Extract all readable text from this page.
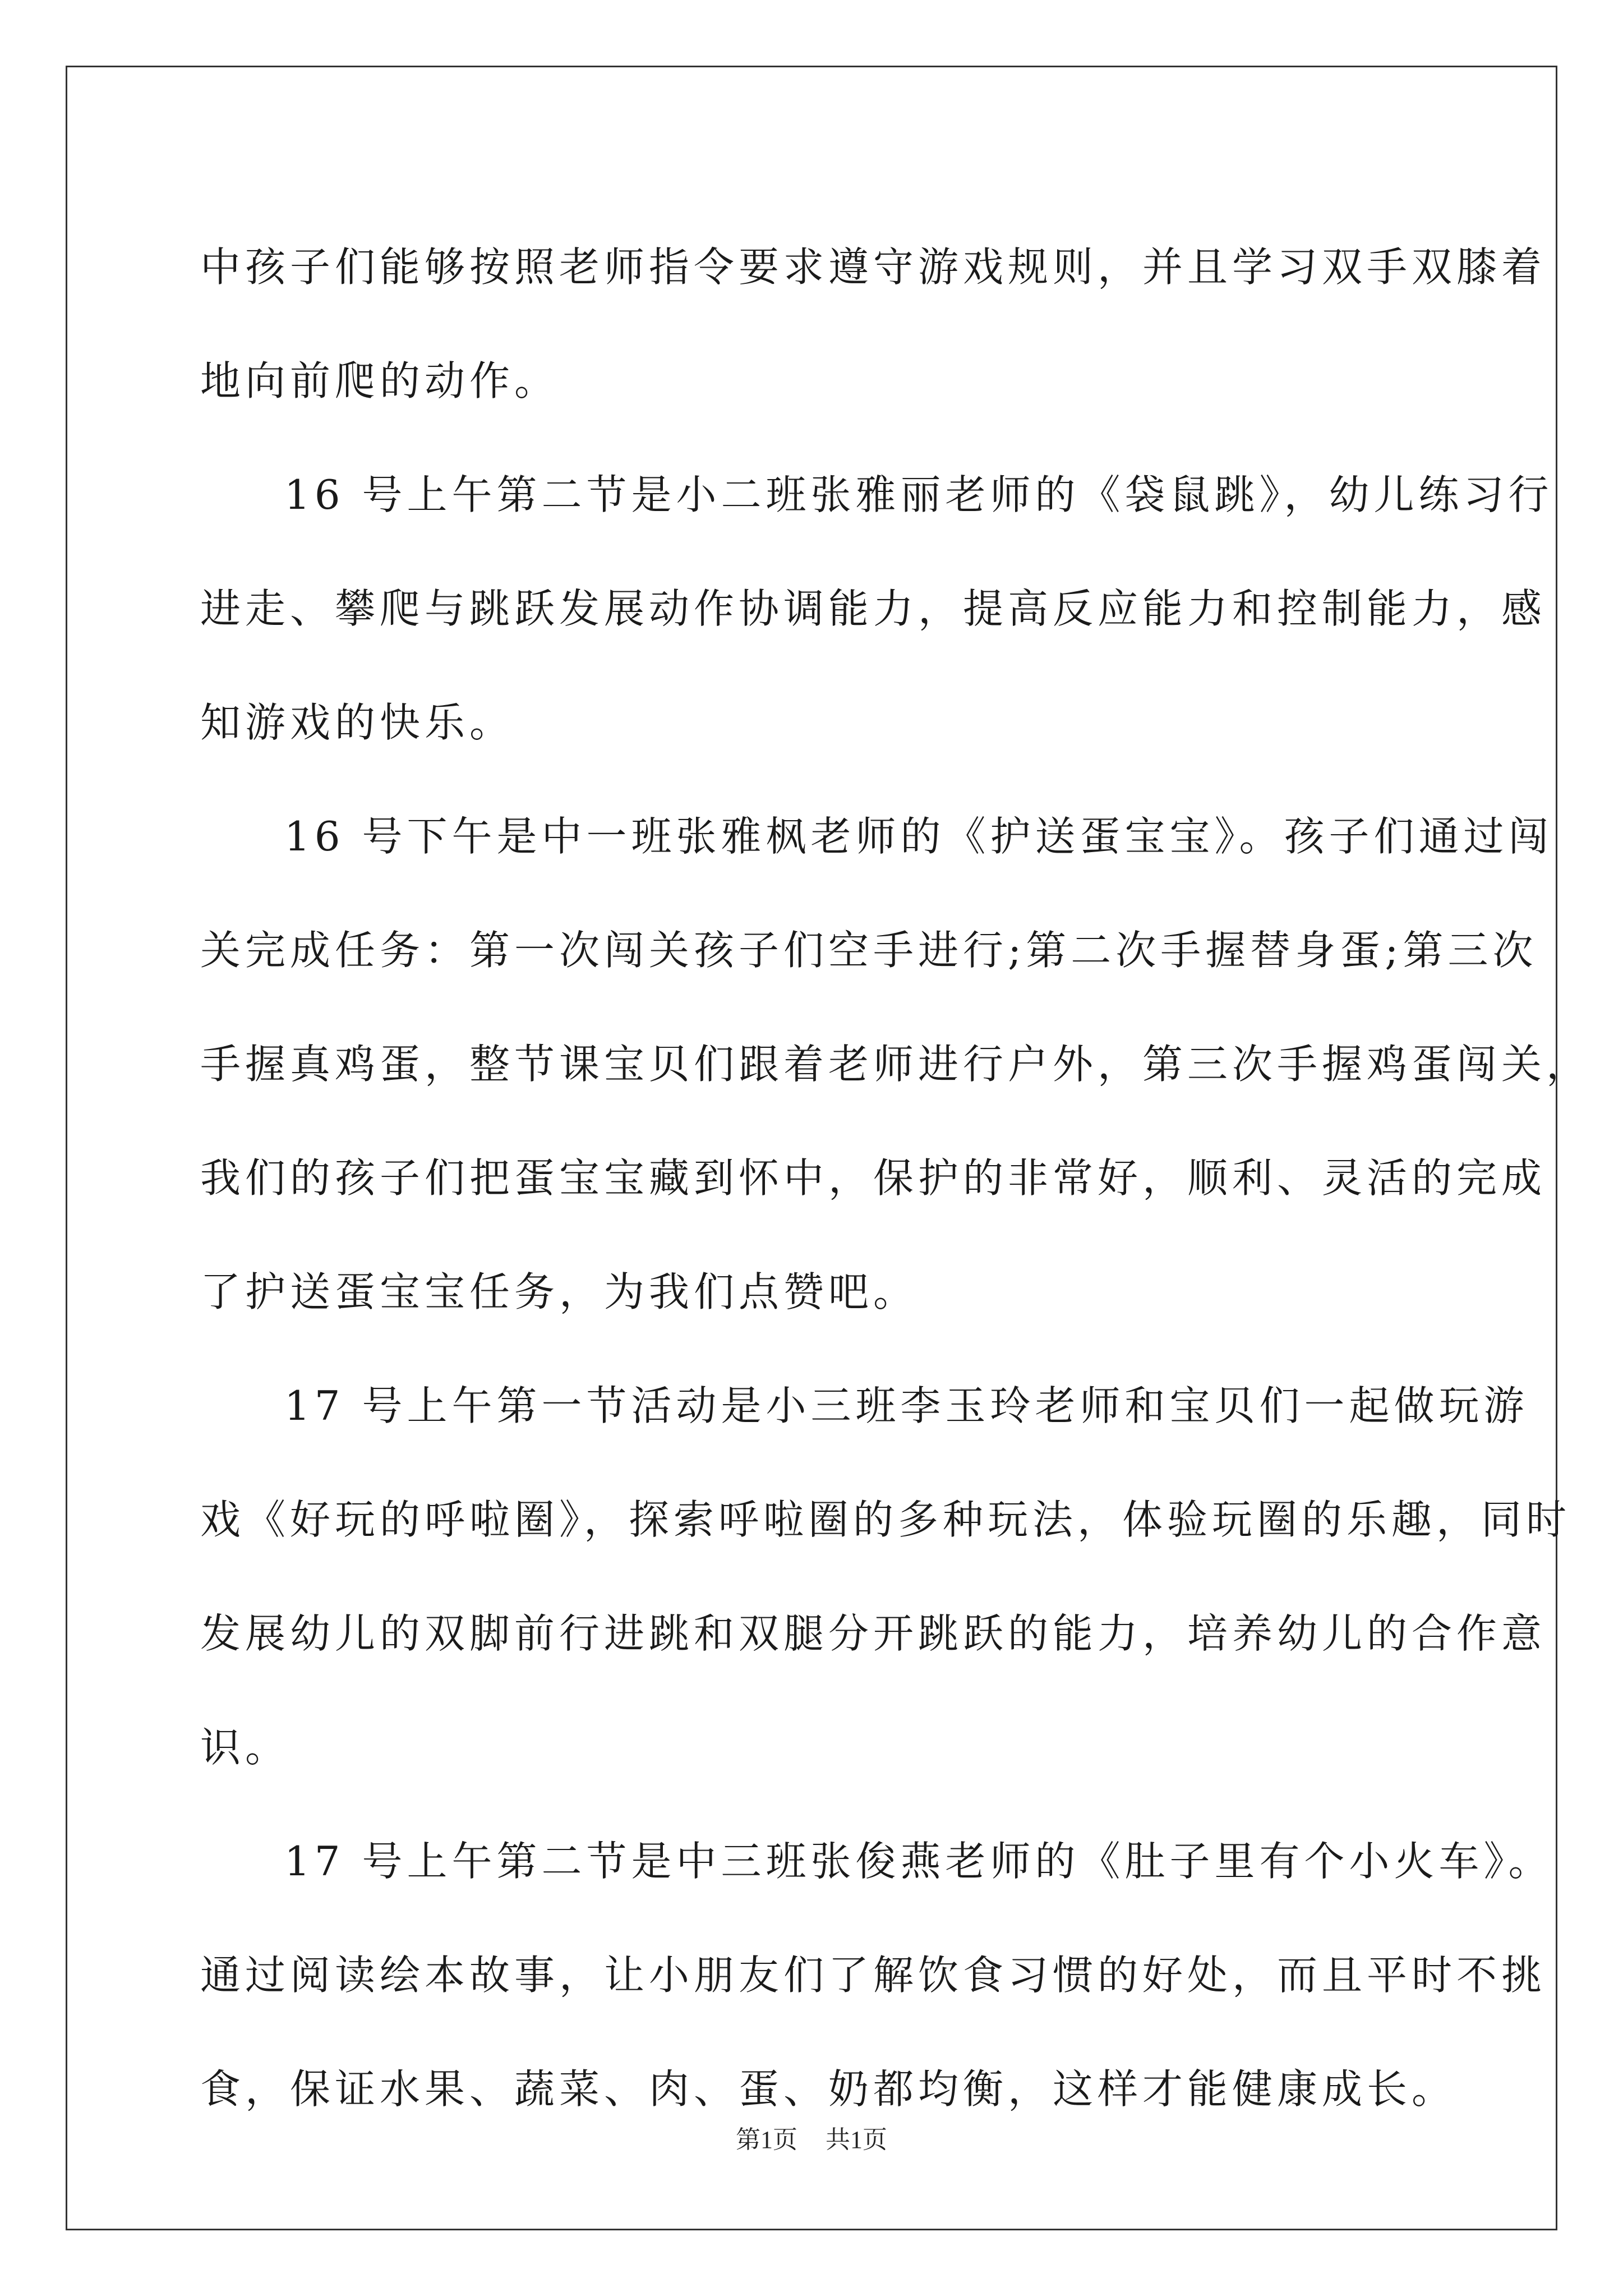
中孩子们能够按照老师指令要求遵守游戏规则，并且学习双手双膝着
地向前爬的动作。
16 号上午第二节是小二班张雅丽老师的《袋鼠跳》，幼儿练习行
进走、攀爬与跳跃发展动作协调能力，提高反应能力和控制能力，感
知游戏的快乐。
16 号下午是中一班张雅枫老师的《护送蛋宝宝》。孩子们通过闯
关完成任务：第一次闯关孩子们空手进行;第二次手握替身蛋;第三次
手握真鸡蛋，整节课宝贝们跟着老师进行户外，第三次手握鸡蛋闯关，
我们的孩子们把蛋宝宝藏到怀中，保护的非常好，顺利、灵活的完成
了护送蛋宝宝任务，为我们点赞吧。
17 号上午第一节活动是小三班李玉玲老师和宝贝们一起做玩游
戏《好玩的呼啦圈》，探索呼啦圈的多种玩法，体验玩圈的乐趣，同时
发展幼儿的双脚前行进跳和双腿分开跳跃的能力，培养幼儿的合作意
识。
17 号上午第二节是中三班张俊燕老师的《肚子里有个小火车》。
通过阅读绘本故事，让小朋友们了解饮食习惯的好处，而且平时不挑
食，保证水果、蔬菜、肉、蛋、奶都均衡，这样才能健康成长。
第1页 共1页
